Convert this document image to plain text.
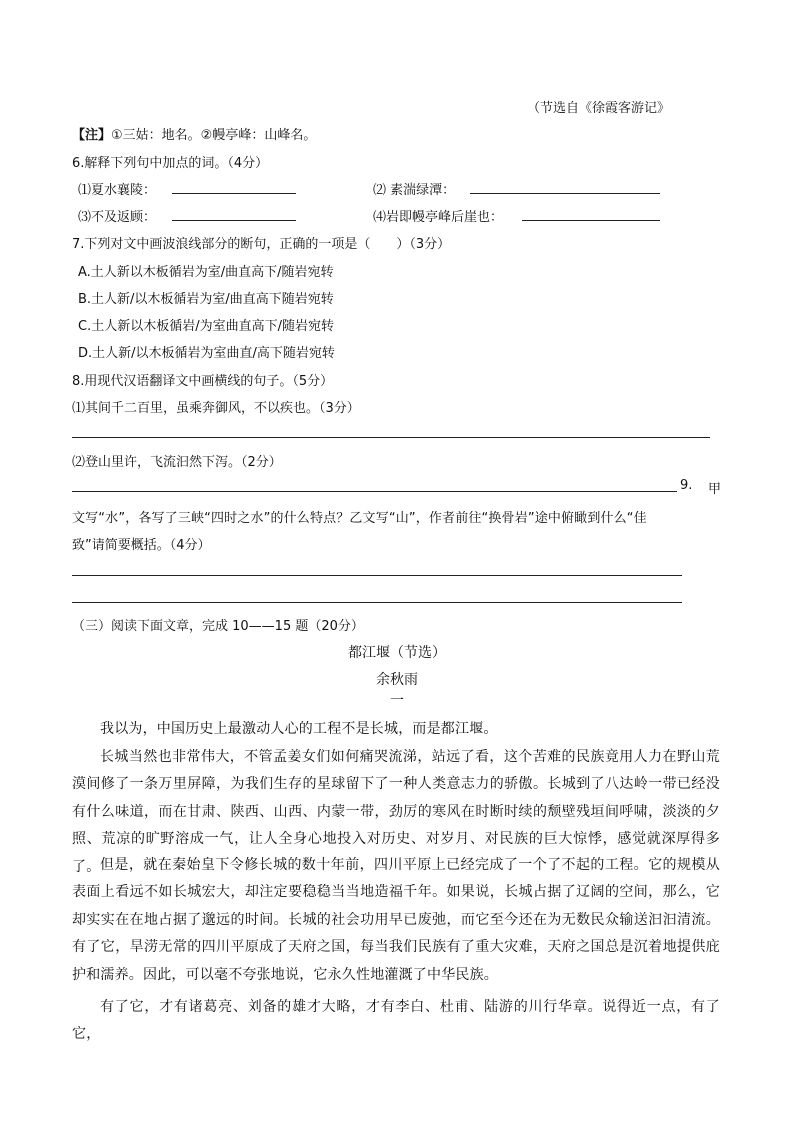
（节选自《徐霞客游记》
【注】①三姑：地名。②幔亭峰：山峰名。
6.解释下列句中加点的词。（4分）
⑴夏水襄陵：	⑵ 素湍绿潭：
⑶不及返顾：	⑷岩即幔亭峰后崖也：
7.下列对文中画波浪线部分的断句，正确的一项是（　　）（3分）
A.土人新以木板循岩为室/曲直高下/随岩宛转
B.土人新/以木板循岩为室/曲直高下随岩宛转
C.土人新以木板循岩/为室曲直高下/随岩宛转
D.土人新/以木板循岩为室曲直/高下随岩宛转
8.用现代汉语翻译文中画横线的句子。（5分）
⑴其间千二百里，虽乘奔御风，不以疾也。（3分）
⑵登山里许，飞流汩然下泻。（2分）
9. 甲
文写“水”，各写了三峡“四时之水”的什么特点？乙文写“山”，作者前往“换骨岩”途中俯瞰到什么“佳
致”请简要概括。（4分）
（三）阅读下面文章，完成 10——15 题（20分）
都江堰（节选）
余秋雨
一
我以为，中国历史上最激动人心的工程不是长城，而是都江堰。
长城当然也非常伟大，不管孟姜女们如何痛哭流涕，站远了看，这个苦难的民族竟用人力在野山荒漠间修了一条万里屏障，为我们生存的星球留下了一种人类意志力的骄傲。长城到了八达岭一带已经没有什么味道，而在甘肃、陕西、山西、内蒙一带，劲厉的寒风在时断时续的颓壁残垣间呼啸，淡淡的夕照、荒凉的旷野溶成一气，让人全身心地投入对历史、对岁月、对民族的巨大惊悸，感觉就深厚得多了。 但是，就在秦始皇下令修长城的数十年前，四川平原上已经完成了一个了不起的工程。它的规模从表面上看远不如长城宏大，却注定要稳稳当当地造福千年。如果说，长城占据了辽阔的空间，那么，它却实实在在地占据了邈远的时间。长城的社会功用早已废弛，而它至今还在为无数民众输送汩汩清流。有了它，旱涝无常的四川平原成了天府之国，每当我们民族有了重大灾难，天府之国总是沉着地提供庇护和濡养。因此，可以毫不夸张地说，它永久性地灌溉了中华民族。
有了它，才有诸葛亮、刘备的雄才大略，才有李白、杜甫、陆游的川行华章。说得近一点，有了它，
